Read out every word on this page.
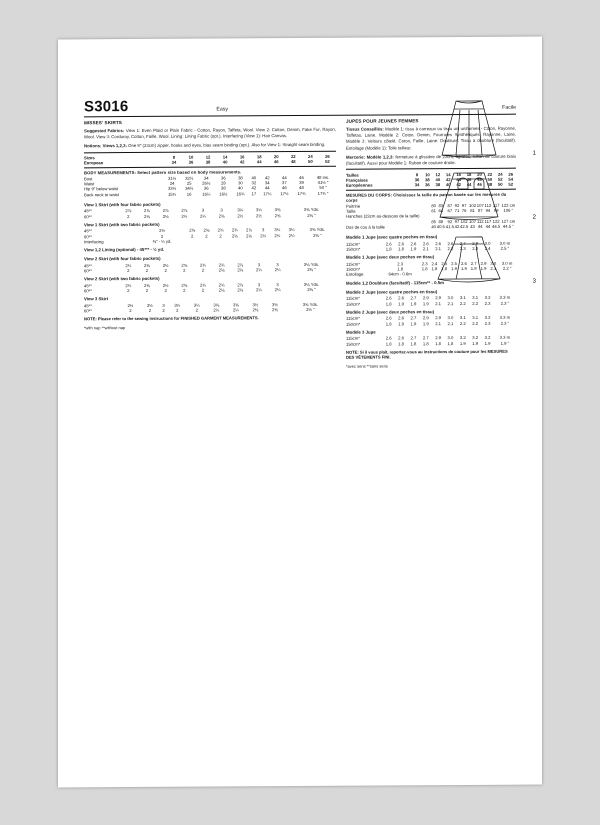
S3016	Easy	Facile
MISSES' SKIRTS
Suggested Fabrics: View 1: Even Plaid or Plain Fabric - Cotton, Rayon, Taffeta, Wool. View 2: Cotton, Denim, Fake Fur, Rayon, Wool. View 3: Corduroy, Cotton, Faille, Wool. Lining: Lining Fabric (opt.). Interfacing (View 1): Hair Canvas.
Notions: Views 1,2,3: One 9" (23cm) zipper, hooks and eyes, bias seam binding (opt.). Also for View 1: Straight seam binding.
Sizes	8	10	12	14	16	18	20	22	24	26
European	34	36	38	40	42	44	46	48	50	52
BODY MEASUREMENTS: Select pattern size based on body measurements.
Bust	31½	32½	34	36	38	40	42	44	46	48 ins.
Waist	24	25	26½	28	30	32	34	37	39	41½ "
Hip 9" below waist	33½	34½	36	38	40	42	44	46	48	50 "
Back-neck to waist	15¾	16	16¼	16½	16¾	17	17¼	17½	17¾	17¾ "
View 1 Skirt (with four fabric pockets)
45**	2⅞	2⅞	2⅞	2⅞	3	3	3¼	3¼	3⅜	3⅜ Yds.
60**	2	2⅛	2⅛	2¼	2¼	2⅜	2½	2½	2⅝	2⅝ "
View 1 Skirt (with two fabric pockets)
45**	2½	2⅝	2⅝	2¾	2¾	2⅞	3	3¼	3¼	3⅜ Yds.
60**	2	2	2	2	2⅛	2⅛	2¼	2¼	2¼	2⅜ "
Interfacing	⅜" - ¼ yd.									
View 1,2 Lining (optional) - 45*** - ½ yd.
View 2 Skirt (with four fabric pockets)
45**	2¼	2⅜	2½	2⅝	2¾	2¾	2⅞	3	3	3⅛ Yds.
60**	2	2	2	2	2	2⅛	2⅛	2¼	2¼	2⅜ "
View 2 Skirt (with two fabric pockets)
45**	2¼	2⅜	2½	2⅝	2¾	2¾	2⅞	3	3	3⅛ Yds.
60**	2	2	2	2	2	2⅛	2⅛	2¼	2¼	2⅜ "
View 3 Skirt
45**	2½	2½	3	3¼	3¼	3⅜	3⅜	3½	3½	3⅝ Yds.
60**	2	2	2	2	2	2¼	2¼	2⅜	2⅜	2½ "
NOTE: Please refer to the sewing instructions for FINISHED GARMENT MEASUREMENTS.
*with nap **without nap
JUPES POUR JEUNES FEMMES
Tissus Conseillés: Modèle 1: tissu à carreaux ou tissu uni uniformes - Coton, Rayonne, Taffetas, Laine. Modèle 2: Coton, Denim, Fourrures Synthétiques, Rayonne, Laine. Modèle 3: Velours côtelé, Coton, Faille, Laine. Doublure: Tissu à doublure (facultatif). Entoilage (Modèle 1): Toile tailleur.
Mercerie: Modèle 1,2,3: fermeture à glissière de 23cm, agrafes, ruban de couture biais (facultatif). Aussi pour Modèle 1: Ruban de couture droite.
Tailles	8	10	12	14	16	18	20	22	24	26
Françaises	36	38	40	42	44	46	48	50	52	54
Européennes	34	36	38	40	42	44	46	48	50	52
MESURES DU CORPS: Choisissez la taille du patron basée sur les mesures du corps
Poitrine	80	83	87	92	97	102	107	112	117	122 cm
Taille	61	64	67	71	76	81	87	94	99	106 "
Hanches (23cm au-dessous de la taille)										
	85	88	92	97	102	107	112	117	122	127 cm
Dos de cou à la taille	40	40.5	41.5	42	42.5	43	44	44	44.5	44.5 "
Modèle 1 Jupe (avec quatre poches en tissu)
115cm*	2.6	2.6	2.6	2.6	2.6	2.6	2.7	2.9	3.0	3.0 m
150cm*	1.8	1.8	1.9	2.1	2.1	2.2	2.3	2.3	2.4	2.5 "
Modèle 1 Jupe (avec deux poches en tissu)
115cm*	2.3	2.3	2.4	2.5	2.5	2.6	2.7	2.9	3.0	3.0 m
150cm*	1.8	1.8	1.8	1.8	1.9	1.9	1.9	1.9	2.1	2.2 "
Entoilage	64cm - 0.6m									
Modèle 1,2 Doublure (facultatif) - 115cm** - 0.5m
Modèle 2 Jupe (avec quatre poches en tissu)
115cm*	2.6	2.6	2.7	2.9	2.9	3.0	3.1	3.1	3.2	3.3 m
150cm*	1.8	1.9	1.9	1.9	2.1	2.1	2.2	2.2	2.3	2.3 "
Modèle 2 Jupe (avec deux poches en tissu)
115cm*	2.6	2.6	2.7	2.9	2.9	3.0	3.1	3.1	3.2	3.3 m
150cm*	1.8	1.9	1.9	1.9	2.1	2.1	2.2	2.2	2.3	2.3 "
Modèle 3 Jupe
115cm*	2.6	2.6	2.7	2.7	2.9	3.0	3.2	3.2	3.2	3.3 m
150cm*	1.8	1.8	1.8	1.8	1.8	1.8	1.9	1.9	1.9	1.9 "
NOTE: Si il vous plaît, reportez-vous au instructions de couture pour les MESURES DES VÊTEMENTS FINI.
*avec sens **sans sens
1
2
3
